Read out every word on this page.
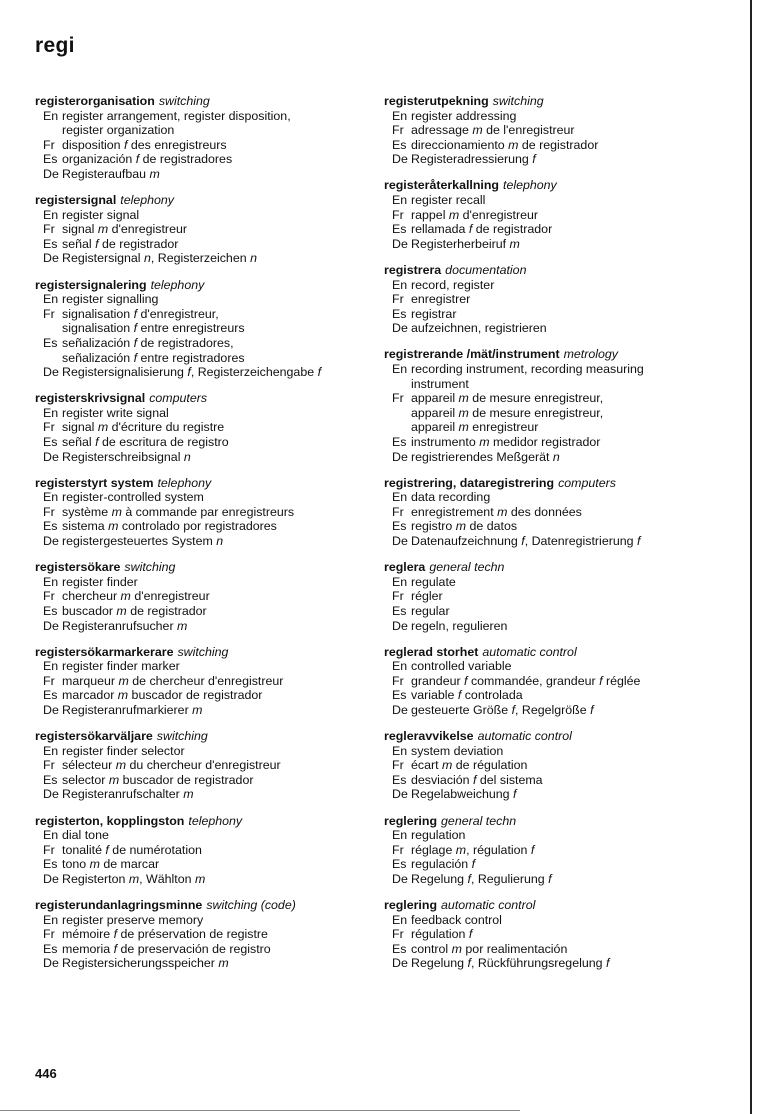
regi
registerorganisation switching
En register arrangement, register disposition,
register organization
Fr disposition f des enregistreurs
Es organización f de registradores
De Registeraufbau m
registersignal telephony
En register signal
Fr signal m d'enregistreur
Es señal f de registrador
De Registersignal n, Registerzeichen n
registersignalering telephony
En register signalling
Fr signalisation f d'enregistreur,
signalisation f entre enregistreurs
Es señalización f de registradores,
señalización f entre registradores
De Registersignalisierung f, Registerzeichengabe f
registerskrivsignal computers
En register write signal
Fr signal m d'écriture du registre
Es señal f de escritura de registro
De Registerschreibsignal n
registerstyrt system telephony
En register-controlled system
Fr système m à commande par enregistreurs
Es sistema m controlado por registradores
De registergesteuertes System n
registersökare switching
En register finder
Fr chercheur m d'enregistreur
Es buscador m de registrador
De Registeranrufsucher m
registersökarmarkerare switching
En register finder marker
Fr marqueur m de chercheur d'enregistreur
Es marcador m buscador de registrador
De Registeranrufmarkierer m
registersökarväljare switching
En register finder selector
Fr sélecteur m du chercheur d'enregistreur
Es selector m buscador de registrador
De Registeranrufschalter m
registerton, kopplingston telephony
En dial tone
Fr tonalité f de numérotation
Es tono m de marcar
De Registerton m, Wählton m
registerundanlagringsminne switching (code)
En register preserve memory
Fr mémoire f de préservation de registre
Es memoria f de preservación de registro
De Registersicherungsspeicher m
registerutpekning switching
En register addressing
Fr adressage m de l'enregistreur
Es direccionamiento m de registrador
De Registeradressierung f
registeråterkallning telephony
En register recall
Fr rappel m d'enregistreur
Es rellamada f de registrador
De Registerherbeiruf m
registrera documentation
En record, register
Fr enregistrer
Es registrar
De aufzeichnen, registrieren
registrerande /mät/instrument metrology
En recording instrument, recording measuring
instrument
Fr appareil m de mesure enregistreur,
appareil m de mesure enregistreur,
appareil m enregistreur
Es instrumento m medidor registrador
De registrierendes Meßgerät n
registrering, dataregistrering computers
En data recording
Fr enregistrement m des données
Es registro m de datos
De Datenaufzeichnung f, Datenregistrierung f
reglera general techn
En regulate
Fr régler
Es regular
De regeln, regulieren
reglerad storhet automatic control
En controlled variable
Fr grandeur f commandée, grandeur f réglée
Es variable f controlada
De gesteuerte Größe f, Regelgröße f
regleravvikelse automatic control
En system deviation
Fr écart m de régulation
Es desviación f del sistema
De Regelabweichung f
reglering general techn
En regulation
Fr réglage m, régulation f
Es regulación f
De Regelung f, Regulierung f
reglering automatic control
En feedback control
Fr régulation f
Es control m por realimentación
De Regelung f, Rückführungsregelung f
446
